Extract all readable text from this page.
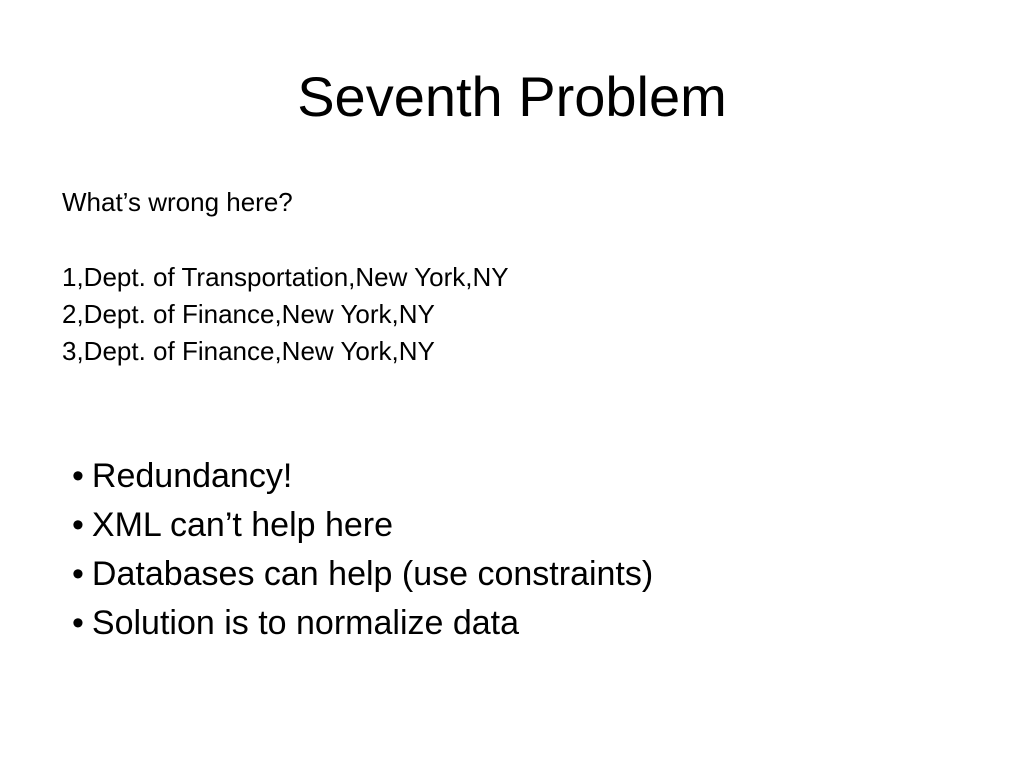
Seventh Problem

What’s wrong here?

1,Dept. of Transportation,New York,NY
2,Dept. of Finance,New York,NY
3,Dept. of Finance,New York,NY
• Redundancy!
• XML can’t help here
• Databases can help (use constraints)
• Solution is to normalize data
